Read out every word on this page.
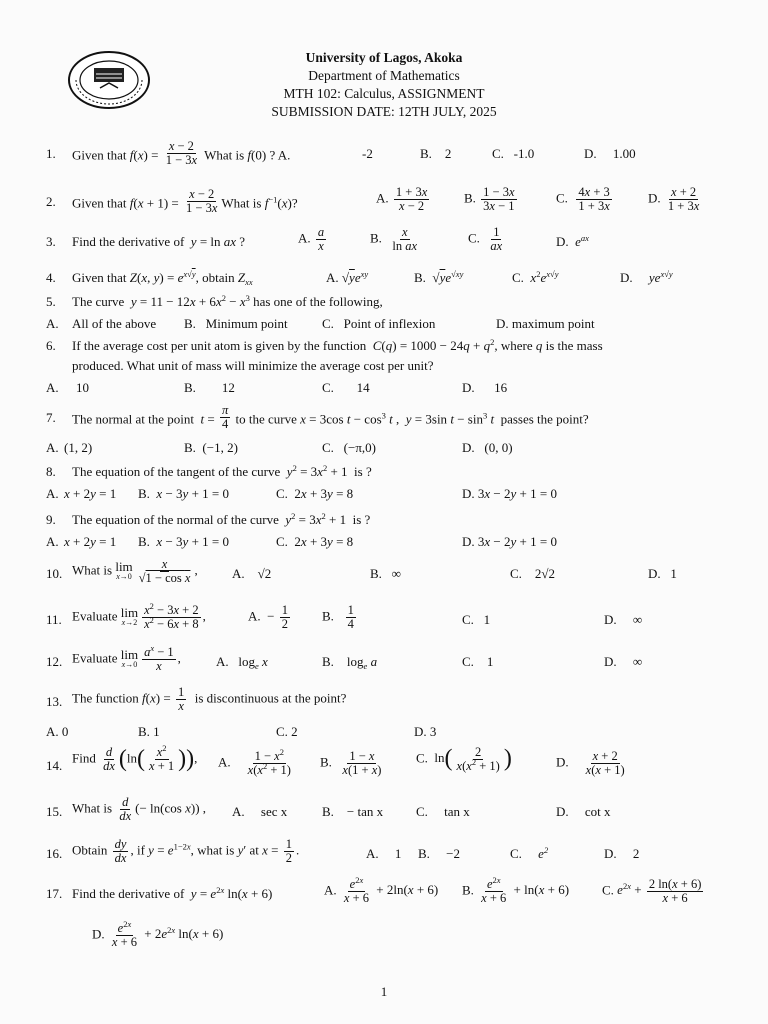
University of Lagos, Akoka
Department of Mathematics
MTH 102: Calculus, ASSIGNMENT
SUBMISSION DATE: 12TH JULY, 2025
1. Given that $f(x) = \frac{x - 2}{1 - 3x}$ What is f(0) ? A.	-2	B. 2	C. -1.0	D. 1.00
2. Given that $f(x + 1) = \frac{x - 2}{1 - 3x}$ What is $f^{-1}(x)$?	A. $\frac{1 + 3x}{x - 2}$	B. $\frac{1 - 3x}{3x - 1}$	C. $\frac{4x + 3}{1 + 3x}$	D. $\frac{x + 2}{1 + 3x}$
3. Find the derivative of y = ln ax ?	A. $\frac{a}{x}$	B. $\frac{x}{\text{ln ax}}$	C. $\frac{1}{ax}$	D. $e^{ax}$
4. Given that Z(x, $y) = e^{x√y}$, obtain $Z_{xx}$	A. $√ye^{xy}$	B. $√ye^{√xy}$	C. $x^2e^{x√y}$	D. $ye^{x√y}$
5. The curve $y = 11 - 12x + 6x^2 - x^3$ has one of the following,
A. All of the above B. Minimum point	C. Point of inflexion	D. maximum point
6. If the average cost per unit atom is given by the function $C(q) = 1000 - 24q + q^2$, where q is the mass
produced. What unit of mass will minimize the average cost per unit?
A. 10	B. 12	C. 14	D. 16
7. The normal at the point $t = \frac{\pi}{4}$ to the curve x = 3cos $t - \cos^3 t$ ,  y = 3sin $t - \sin^3 t$ passes the point?
A. (1, 2)	B. (−1, 2)	C. (−π,0)	D. (0, 0)
8. The equation of the tangent of the curve $y^2 = 3x^2 + 1$  is ?
A. x + 2y = 1 B. x − 3y + 1 = 0	C. 2x + 3y = 8	D. 3x − 2y + 1 = 0
9. The equation of the normal of the curve $y^2 = 3x^2 + 1$  is ?
A. x + 2y = 1 B. x − 3y + 1 = 0	C. 2x + 3y = 8	D. 3x − 2y + 1 = 0
10. What is lim
$x\to 0 \frac{x}{\text{√1 − cos x}}$ ,	A. √2	B. ∞	C. 2√2	D. 1
11. Evaluate lim
$x\to 2 \frac{x^2 - 3x + 2}{x^2 - 6x + 8}$ ,	A.  − $\frac{1}{2} B$. $\frac{1}{4}$	C. 1	D. ∞
12. Evaluate lim
$x\to 0 \frac{a^x - 1}{x}$ ,	A. $\log_e x$	B. $\log_e a$	C. 1	D. ∞
13. The function $f(x) = \frac{1}{x}$ is discontinuous at the point?
A. 0	B. 1	C. 2	D. 3
14.
Find $\frac{d}{dx} (\ln( \frac{x^2}{x + 1}$ )), A. $\frac{1 - x^2}{x(x^2 + 1)} B$. $\frac{1 - x}{x(1 + x)}$	C. $\ln( \frac{2}{x(x^2 + 1)}$ )	D. $\frac{x + 2}{x(x + 1)}$
15. What is $\frac{d}{dx}$ (− ln(cos x)) , A. sec x	B. − tan x	C. tan x	D. cot x
16. Obtain $\frac{dy}{dx}$ , if $y = e^{1-2x}$, what is y′ at $x = \frac{1}{2}$ .	A. 1 B. −2	C. $e^2$	D. 2
17. Find the derivative of $y = e^{2x}$ ln(x + 6)	A. $\frac{e^{2x}}{x + 6} + 2\ln(x + 6)$ B. $\frac{e^{2x}}{x + 6} + \ln(x + 6)$	C. $e^{2x} + \frac{2 \ln(x + 6)}{x + 6}$
D. $\frac{e^{2x}}{x + 6} + 2e^{2x}$ ln(x + 6)
1
